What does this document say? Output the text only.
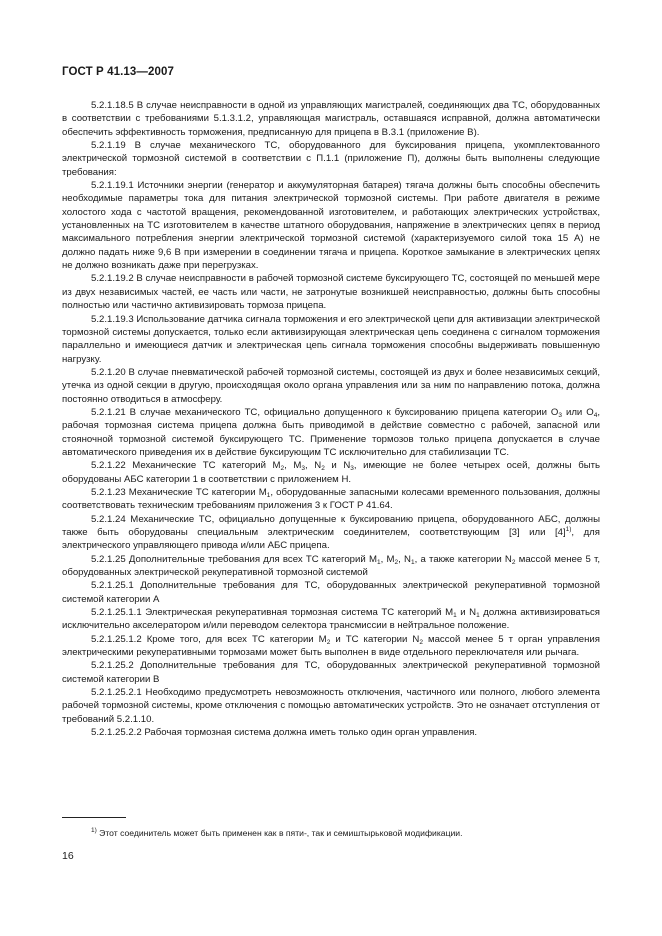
ГОСТ Р 41.13—2007

5.2.1.18.5 В случае неисправности в одной из управляющих магистралей, соединяющих два ТС, оборудованных в соответствии с требованиями 5.1.3.1.2, управляющая магистраль, оставшаяся исправной, должна автоматически обеспечить эффективность торможения, предписанную для прицепа в В.3.1 (приложение В).

5.2.1.19 В случае механического ТС, оборудованного для буксирования прицепа, укомплектованного электрической тормозной системой в соответствии с П.1.1 (приложение П), должны быть выполнены следующие требования:

5.2.1.19.1 Источники энергии (генератор и аккумуляторная батарея) тягача должны быть способны обеспечить необходимые параметры тока для питания электрической тормозной системы. При работе двигателя в режиме холостого хода с частотой вращения, рекомендованной изготовителем, и работающих электрических устройствах, установленных на ТС изготовителем в качестве штатного оборудования, напряжение в электрических цепях в период максимального потребления энергии электрической тормозной системой (характеризуемого силой тока 15 А) не должно падать ниже 9,6 В при измерении в соединении тягача и прицепа. Короткое замыкание в электрических цепях не должно возникать даже при перегрузках.

5.2.1.19.2 В случае неисправности в рабочей тормозной системе буксирующего ТС, состоящей по меньшей мере из двух независимых частей, ее часть или части, не затронутые возникшей неисправностью, должны быть способны полностью или частично активизировать тормоза прицепа.

5.2.1.19.3 Использование датчика сигнала торможения и его электрической цепи для активизации электрической тормозной системы допускается, только если активизирующая электрическая цепь соединена с сигналом торможения параллельно и имеющиеся датчик и электрическая цепь сигнала торможения способны выдерживать повышенную нагрузку.

5.2.1.20 В случае пневматической рабочей тормозной системы, состоящей из двух и более независимых секций, утечка из одной секции в другую, происходящая около органа управления или за ним по направлению потока, должна постоянно отводиться в атмосферу.

5.2.1.21 В случае механического ТС, официально допущенного к буксированию прицепа категории $O_3$ или $O_4$, рабочая тормозная система прицепа должна быть приводимой в действие совместно с рабочей, запасной или стояночной тормозной системой буксирующего ТС. Применение тормозов только прицепа допускается в случае автоматического приведения их в действие буксирующим ТС исключительно для стабилизации ТС.

5.2.1.22 Механические ТС категорий $M_2$, $M_3$, $N_2$ и $N_3$, имеющие не более четырех осей, должны быть оборудованы АБС категории 1 в соответствии с приложением Н.

5.2.1.23 Механические ТС категории $M_1$, оборудованные запасными колесами временного пользования, должны соответствовать техническим требованиям приложения 3 к ГОСТ Р 41.64.

5.2.1.24 Механические ТС, официально допущенные к буксированию прицепа, оборудованного АБС, должны также быть оборудованы специальным электрическим соединителем, соответствующим [3] или $[4]^{1)}$, для электрического управляющего привода и/или АБС прицепа.

5.2.1.25 Дополнительные требования для всех ТС категорий $M_1$, $M_2$, $N_1$, а также категории $N_2$ массой менее 5 т, оборудованных электрической рекуперативной тормозной системой

5.2.1.25.1 Дополнительные требования для ТС, оборудованных электрической рекуперативной тормозной системой категории А

5.2.1.25.1.1 Электрическая рекуперативная тормозная система ТС категорий $M_1$ и $N_1$ должна активизироваться исключительно акселератором и/или переводом селектора трансмиссии в нейтральное положение.

5.2.1.25.1.2 Кроме того, для всех ТС категории $M_2$ и ТС категории $N_2$ массой менее 5 т орган управления электрическими рекуперативными тормозами может быть выполнен в виде отдельного переключателя или рычага.

5.2.1.25.2 Дополнительные требования для ТС, оборудованных электрической рекуперативной тормозной системой категории В

5.2.1.25.2.1 Необходимо предусмотреть невозможность отключения, частичного или полного, любого элемента рабочей тормозной системы, кроме отключения с помощью автоматических устройств. Это не означает отступления от требований 5.2.1.10.

5.2.1.25.2.2 Рабочая тормозная система должна иметь только один орган управления.

$^{1)}$ Этот соединитель может быть применен как в пяти-, так и семиштырьковой модификации.
16
